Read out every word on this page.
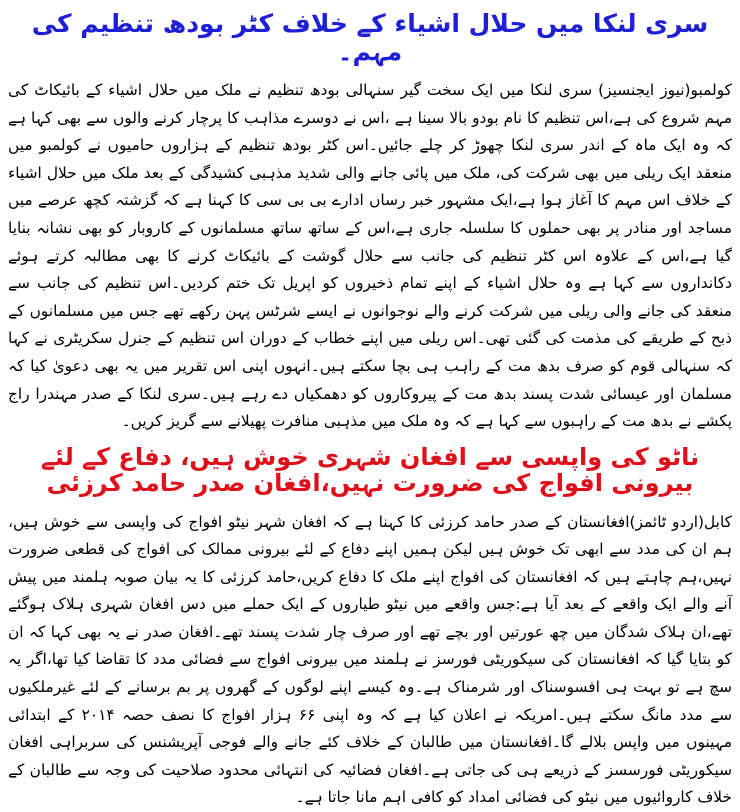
سری لنکا میں حلال اشیاء کے خلاف کٹر بودھ تنظیم کی مہم۔

کولمبو(نیوز ایجنسیز) سری لنکا میں ایک سخت گیر سنہالی بودھ تنظیم نے ملک میں حلال اشیاء کے بائیکاٹ کی مہم شروع کی ہے،اس تنظیم کا نام بودو بالا سینا ہے ،اس نے دوسرے مذاہب کا پرچار کرنے والوں سے بھی کہا ہے کہ وہ ایک ماہ کے اندر سری لنکا چھوڑ کر چلے جائیں۔اس کٹر بودھ تنظیم کے ہزاروں حامیوں نے کولمبو میں منعقد ایک ریلی میں بھی شرکت کی، ملک میں پائی جانے والی شدید مذہبی کشیدگی کے بعد ملک میں حلال اشیاء کے خلاف اس مہم کا آغاز ہوا ہے،ایک مشہور خبر رساں ادارے بی بی سی کا کہنا ہے کہ گزشتہ کچھ عرصے میں مساجد اور منادر پر بھی حملوں کا سلسلہ جاری ہے،اس کے ساتھ ساتھ مسلمانوں کے کاروبار کو بھی نشانہ بنایا گیا ہے،اس کے علاوہ اس کٹر تنظیم کی جانب سے حلال گوشت کے بائیکاٹ کرنے کا بھی مطالبہ کرتے ہوئے دکانداروں سے کہا ہے وہ حلال اشیاء کے اپنے تمام ذخیروں کو اپریل تک ختم کردیں۔اس تنظیم کی جانب سے منعقد کی جانے والی ریلی میں شرکت کرنے والے نوجوانوں نے ایسے شرٹس پہن رکھے تھے جس میں مسلمانوں کے ذبح کے طریقے کی مذمت کی گئی تھی۔اس ریلی میں اپنے خطاب کے دوران اس تنظیم کے جنرل سکریٹری نے کہا کہ سنہالی قوم کو صرف بدھ مت کے راہب ہی بچا سکتے ہیں۔انہوں اپنی اس تقریر میں یہ بھی دعویٰ کیا کہ مسلمان اور عیسائی شدت پسند بدھ مت کے پیروکاروں کو دھمکیاں دے رہے ہیں۔سری لنکا کے صدر مہندرا راج پکشے نے بدھ مت کے راہبوں سے کہا ہے کہ وہ ملک میں مذہبی منافرت پھیلانے سے گریز کریں۔

ناٹو کی واپسی سے افغان شہری خوش ہیں، دفاع کے لئے بیرونی افواج کی ضرورت نہیں،افغان صدر حامد کرزئی

کابل(اردو ٹائمز)افغانستان کے صدر حامد کرزئی کا کہنا ہے کہ افغان شہر نیٹو افواج کی واپسی سے خوش ہیں، ہم ان کی مدد سے ابھی تک خوش ہیں لیکن ہمیں اپنے دفاع کے لئے بیرونی ممالک کی افواج کی قطعی ضرورت نہیں،ہم چاہتے ہیں کہ افغانستان کی افواج اپنے ملک کا دفاع کریں،حامد کرزئی کا یہ بیان صوبہ ہلمند میں پیش آنے والے ایک واقعے کے بعد آیا ہے:جس واقعے میں نیٹو طیاروں کے ایک حملے میں دس افغان شہری ہلاک ہوگئے تھے،ان ہلاک شدگان میں چھ عورتیں اور بچے تھے اور صرف چار شدت پسند تھے۔افغان صدر نے یہ بھی کہا کہ ان کو بتایا گیا کہ افغانستان کی سیکوریٹی فورسز نے ہلمند میں بیرونی افواج سے فضائی مدد کا تقاضا کیا تھا،اگر یہ سچ ہے تو بہت ہی افسوسناک اور شرمناک ہے۔وہ کیسے اپنے لوگوں کے گھروں پر بم برسانے کے لئے غیرملکیوں سے مدد مانگ سکتے ہیں۔امریکہ نے اعلان کیا ہے کہ وہ اپنی ۶۶ ہزار افواج کا نصف حصہ ۲۰۱۴ کے ابتدائی مہینوں میں واپس بلالے گا۔افغانستان میں طالبان کے خلاف کئے جانے والے فوجی آپریشنس کی سربراہی افغان سیکوریٹی فورسسز کے ذریعے ہی کی جاتی ہے۔افغان فضائیہ کی انتہائی محدود صلاحیت کی وجہ سے طالبان کے خلاف کاروائیوں میں نیٹو کی فضائی امداد کو کافی اہم مانا جاتا ہے۔
